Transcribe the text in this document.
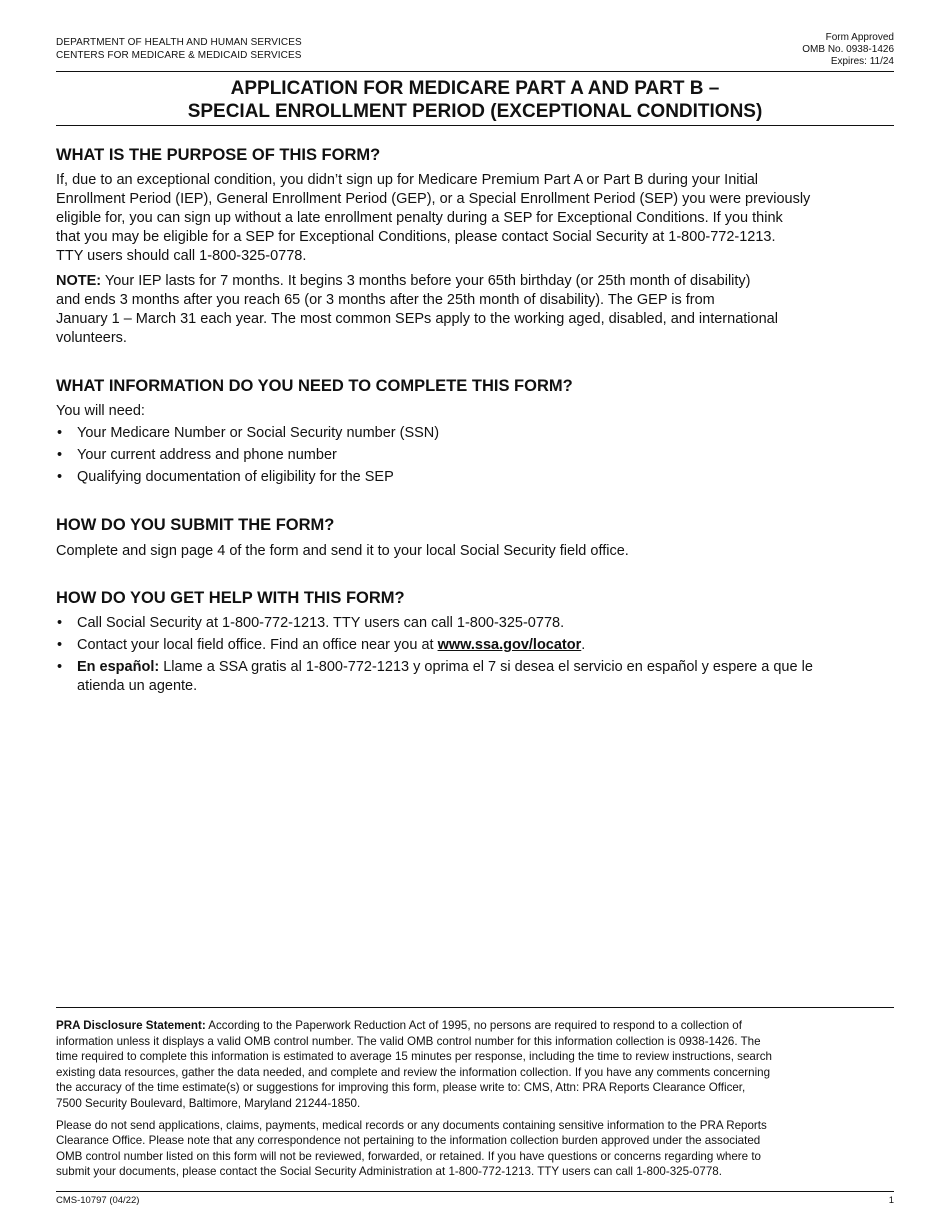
DEPARTMENT OF HEALTH AND HUMAN SERVICES
CENTERS FOR MEDICARE & MEDICAID SERVICES
Form Approved
OMB No. 0938-1426
Expires: 11/24
APPLICATION FOR MEDICARE PART A AND PART B –
SPECIAL ENROLLMENT PERIOD (EXCEPTIONAL CONDITIONS)
WHAT IS THE PURPOSE OF THIS FORM?

If, due to an exceptional condition, you didn’t sign up for Medicare Premium Part A or Part B during your Initial
Enrollment Period (IEP), General Enrollment Period (GEP), or a Special Enrollment Period (SEP) you were previously
eligible for, you can sign up without a late enrollment penalty during a SEP for Exceptional Conditions. If you think
that you may be eligible for a SEP for Exceptional Conditions, please contact Social Security at 1-800-772-1213.
TTY users should call 1-800-325-0778.

NOTE: Your IEP lasts for 7 months. It begins 3 months before your 65th birthday (or 25th month of disability)
and ends 3 months after you reach 65 (or 3 months after the 25th month of disability). The GEP is from
January 1 – March 31 each year. The most common SEPs apply to the working aged, disabled, and international
volunteers.

WHAT INFORMATION DO YOU NEED TO COMPLETE THIS FORM?

You will need:

• Your Medicare Number or Social Security number (SSN)
• Your current address and phone number
• Qualifying documentation of eligibility for the SEP
HOW DO YOU SUBMIT THE FORM?

Complete and sign page 4 of the form and send it to your local Social Security field office.

HOW DO YOU GET HELP WITH THIS FORM?
• Call Social Security at 1-800-772-1213. TTY users can call 1-800-325-0778.
• Contact your local field office. Find an office near you at www.ssa.gov/locator.
• En español: Llame a SSA gratis al 1-800-772-1213 y oprima el 7 si desea el servicio en español y espere a que le
atienda un agente.

PRA Disclosure Statement: According to the Paperwork Reduction Act of 1995, no persons are required to respond to a collection of
information unless it displays a valid OMB control number. The valid OMB control number for this information collection is 0938-1426. The
time required to complete this information is estimated to average 15 minutes per response, including the time to review instructions, search
existing data resources, gather the data needed, and complete and review the information collection. If you have any comments concerning
the accuracy of the time estimate(s) or suggestions for improving this form, please write to: CMS, Attn: PRA Reports Clearance Officer,
7500 Security Boulevard, Baltimore, Maryland 21244-1850.

Please do not send applications, claims, payments, medical records or any documents containing sensitive information to the PRA Reports
Clearance Office. Please note that any correspondence not pertaining to the information collection burden approved under the associated
OMB control number listed on this form will not be reviewed, forwarded, or retained. If you have questions or concerns regarding where to
submit your documents, please contact the Social Security Administration at 1-800-772-1213. TTY users can call 1-800-325-0778.

CMS-10797 (04/22)	1
